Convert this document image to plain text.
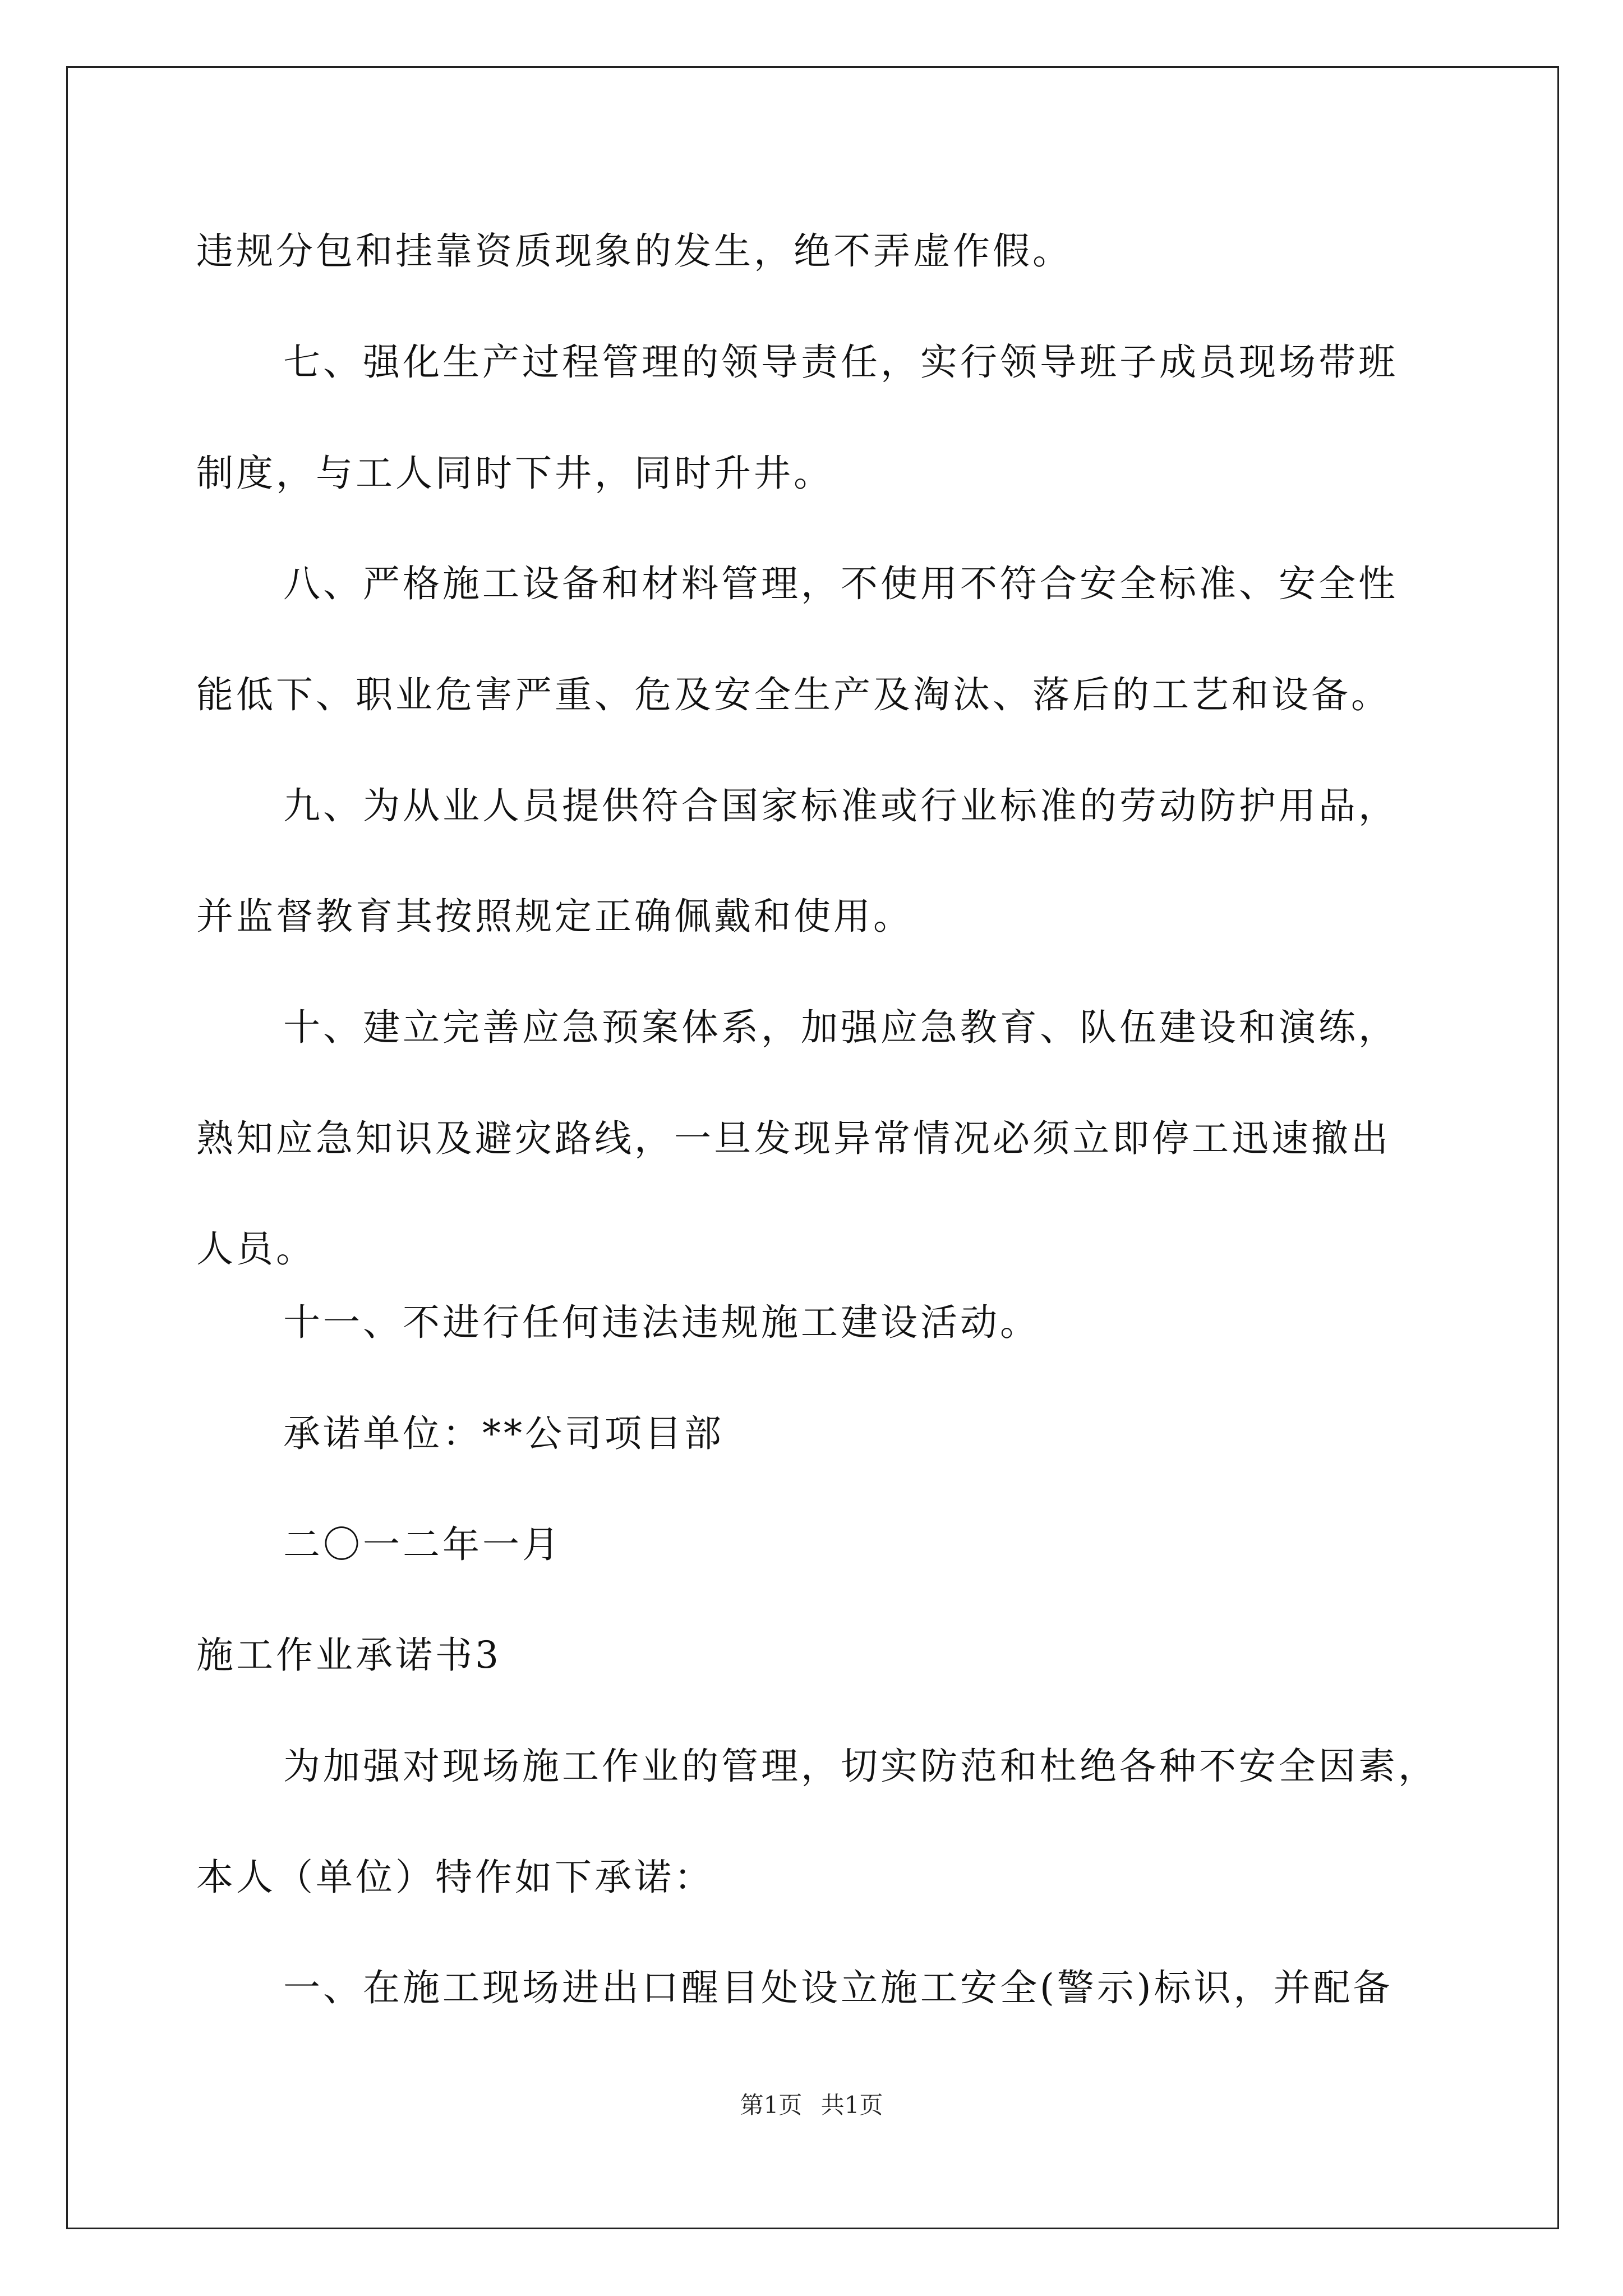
违规分包和挂靠资质现象的发生，绝不弄虚作假。
七、强化生产过程管理的领导责任，实行领导班子成员现场带班
制度，与工人同时下井，同时升井。
八、严格施工设备和材料管理，不使用不符合安全标准、安全性
能低下、职业危害严重、危及安全生产及淘汰、落后的工艺和设备。
九、为从业人员提供符合国家标准或行业标准的劳动防护用品，
并监督教育其按照规定正确佩戴和使用。
十、建立完善应急预案体系，加强应急教育、队伍建设和演练，
熟知应急知识及避灾路线，一旦发现异常情况必须立即停工迅速撤出
人员。
十一、不进行任何违法违规施工建设活动。
承诺单位：**公司项目部
二〇一二年一月
施工作业承诺书3
为加强对现场施工作业的管理，切实防范和杜绝各种不安全因素，
本人（单位）特作如下承诺：
一、在施工现场进出口醒目处设立施工安全(警示)标识，并配备
第1页 共1页
